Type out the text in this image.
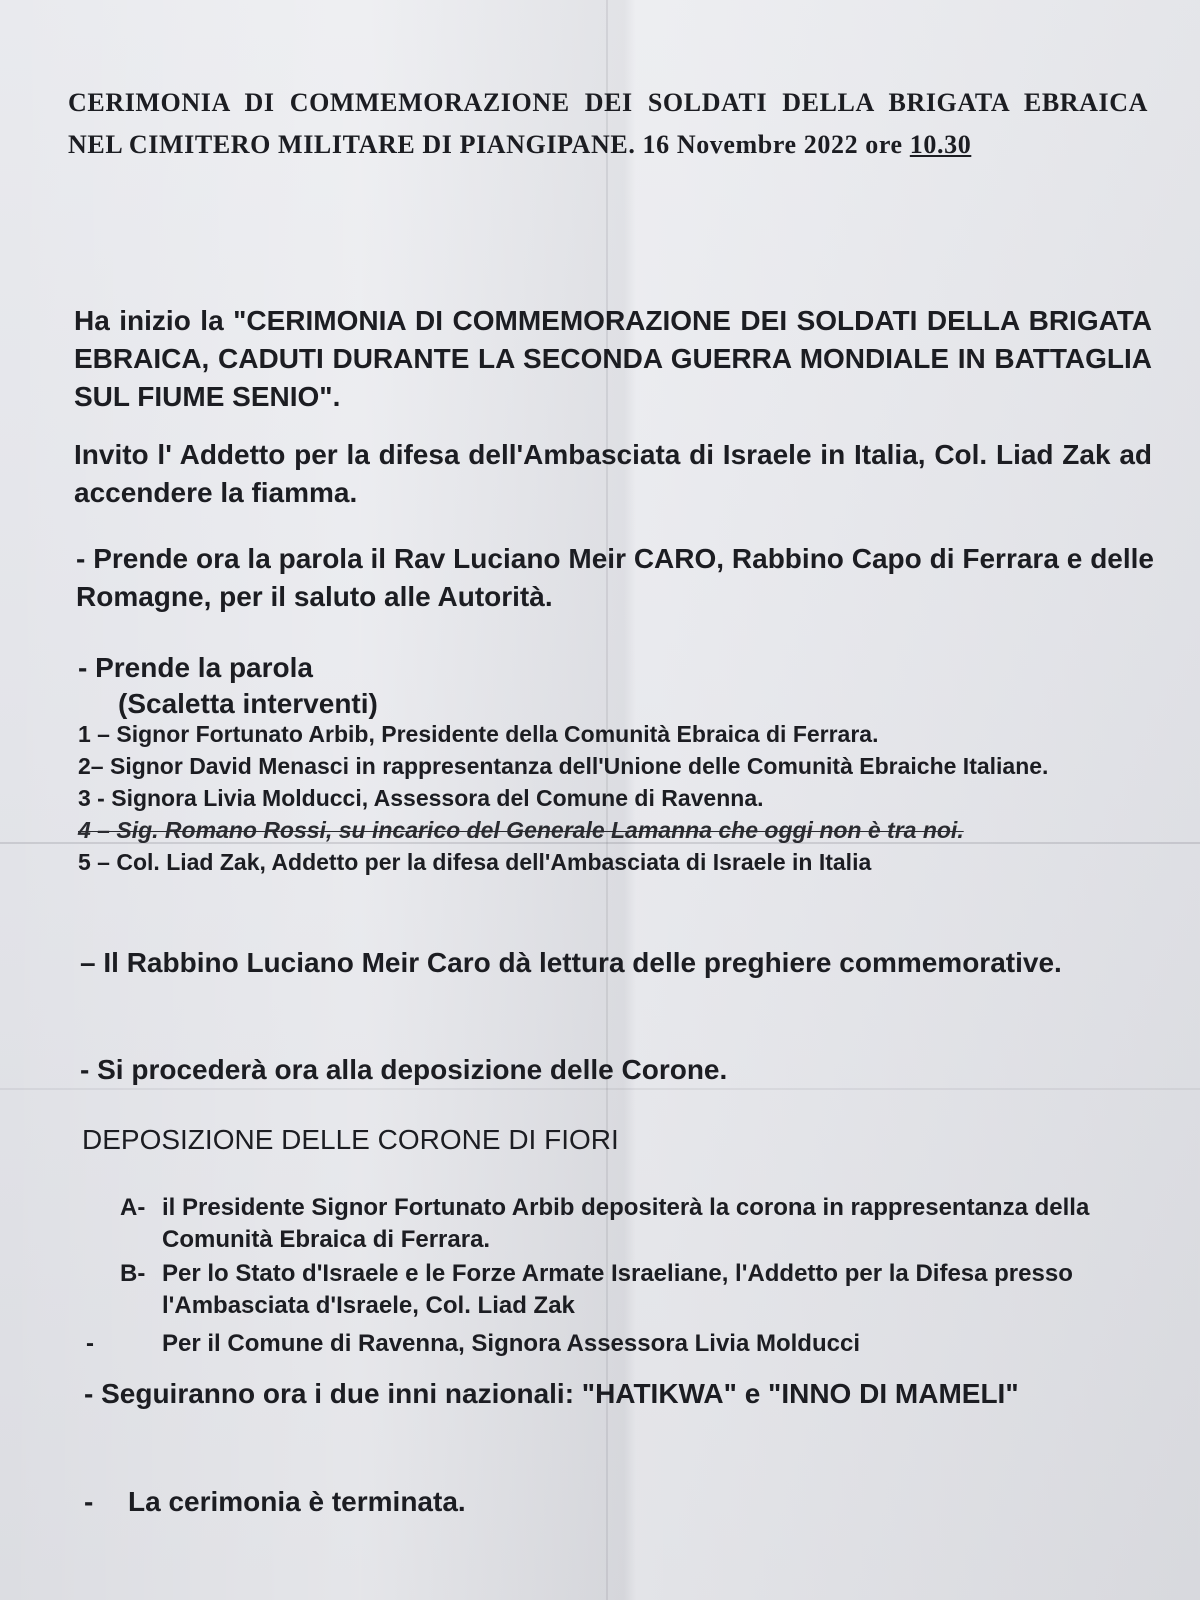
CERIMONIA DI COMMEMORAZIONE DEI SOLDATI DELLA BRIGATA EBRAICA NEL CIMITERO MILITARE DI PIANGIPANE. 16 Novembre 2022 ore 10.30
Ha inizio la "CERIMONIA DI COMMEMORAZIONE DEI SOLDATI DELLA BRIGATA EBRAICA, CADUTI DURANTE LA SECONDA GUERRA MONDIALE IN BATTAGLIA SUL FIUME SENIO".
Invito l' Addetto per la difesa dell'Ambasciata di Israele in Italia, Col. Liad Zak ad accendere la fiamma.
- Prende ora la parola il Rav Luciano Meir CARO, Rabbino Capo di Ferrara e delle Romagne, per il saluto alle Autorità.
- Prende la parola
(Scaletta interventi)
1 – Signor Fortunato Arbib, Presidente della Comunità Ebraica di Ferrara.
2– Signor David Menasci in rappresentanza dell'Unione delle Comunità Ebraiche Italiane.
3 - Signora Livia Molducci, Assessora del Comune di Ravenna.
4 – Sig. Romano Rossi, su incarico del Generale Lamanna che oggi non è tra noi.
5 – Col. Liad Zak, Addetto per la difesa dell'Ambasciata di Israele in Italia
– Il Rabbino Luciano Meir Caro dà lettura delle preghiere commemorative.
- Si procederà ora alla deposizione delle Corone.
DEPOSIZIONE DELLE CORONE DI FIORI
A- il Presidente Signor Fortunato Arbib depositerà la corona in rappresentanza della Comunità Ebraica di Ferrara.
B- Per lo Stato d'Israele e le Forze Armate Israeliane, l'Addetto per la Difesa presso l'Ambasciata d'Israele, Col. Liad Zak
-	Per il Comune di Ravenna, Signora Assessora Livia Molducci
- Seguiranno ora i due inni nazionali: "HATIKWA" e "INNO DI MAMELI"
-	La cerimonia è terminata.
